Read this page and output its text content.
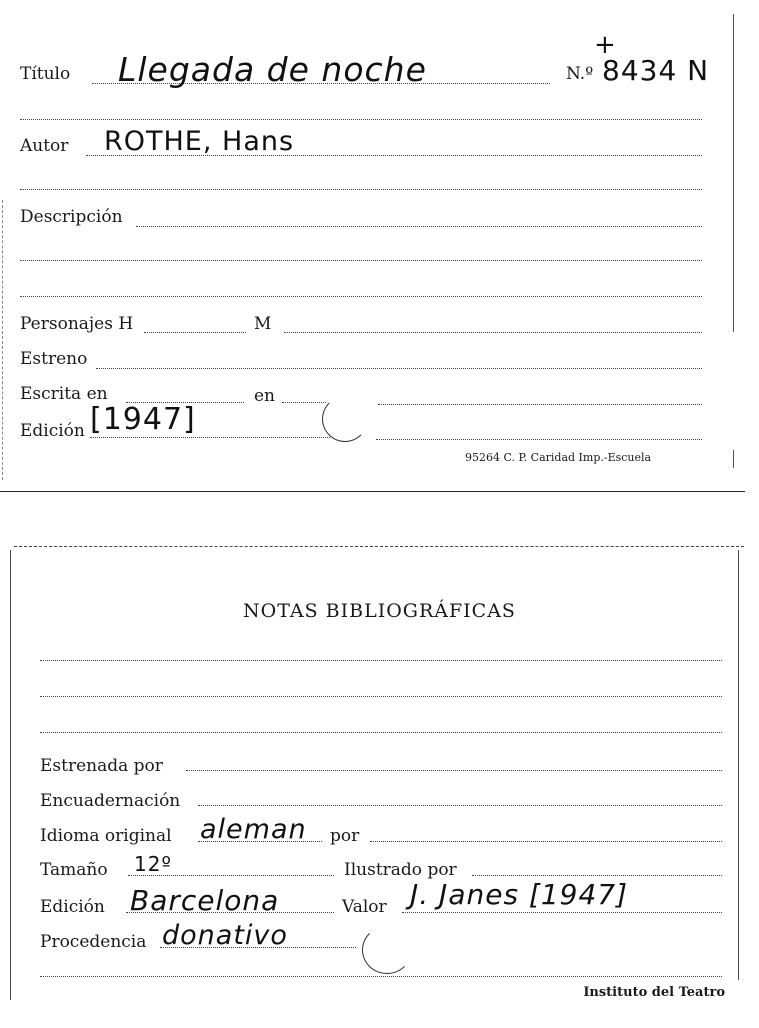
Título Llegada de noche
+
N.º 8434 N
Autor ROTHE, Hans
Descripción
Personajes H	M
Estreno
Escrita en	en
Edición [1947]
95264 C. P. Caridad Imp.-Escuela
NOTAS BIBLIOGRÁFICAS
Estrenada por
Encuadernación
Idioma original aleman por
Tamaño 12º	Ilustrado por
Edición Barcelona	Valor J. Janes [1947]
Procedencia donativo
Instituto del Teatro
